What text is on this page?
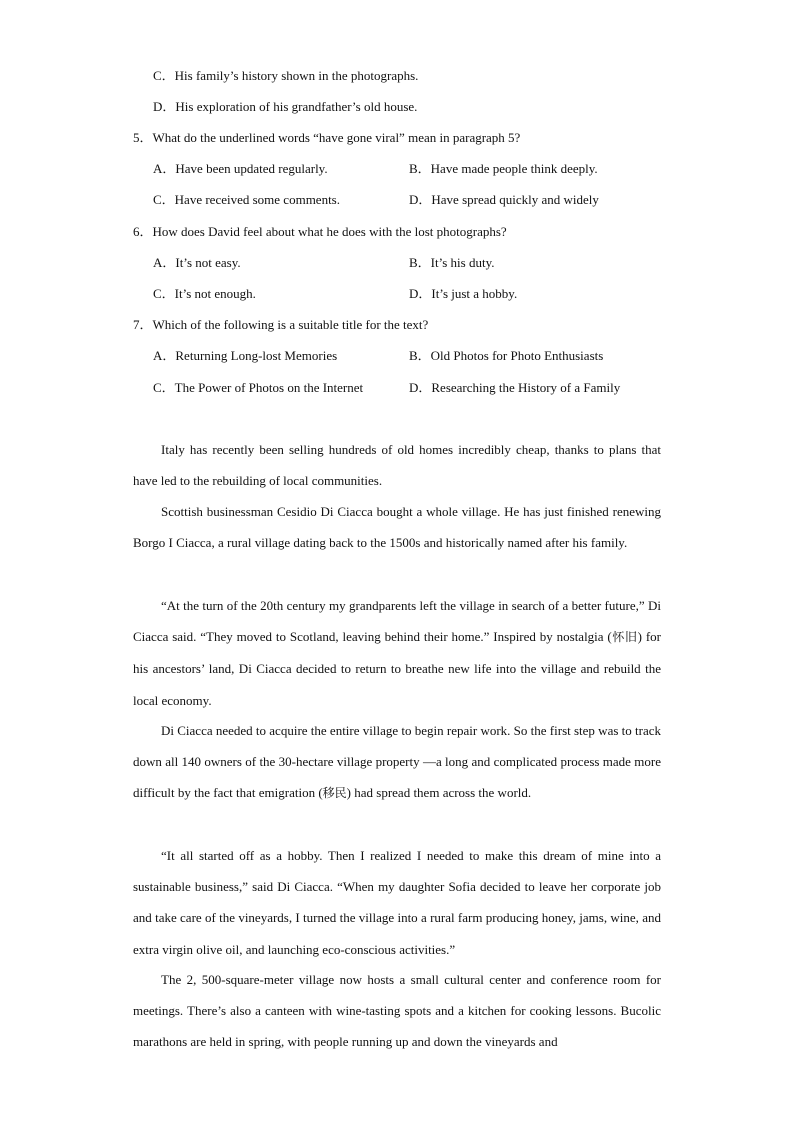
C．His family’s history shown in the photographs.
D．His exploration of his grandfather’s old house.
5．What do the underlined words “have gone viral” mean in paragraph 5?
A．Have been updated regularly.	B．Have made people think deeply.
C．Have received some comments.	D．Have spread quickly and widely
6．How does David feel about what he does with the lost photographs?
A．It’s not easy.	B．It’s his duty.
C．It’s not enough.	D．It’s just a hobby.
7．Which of the following is a suitable title for the text?
A．Returning Long-lost Memories	B．Old Photos for Photo Enthusiasts
C．The Power of Photos on the Internet	D．Researching the History of a Family

Italy has recently been selling hundreds of old homes incredibly cheap, thanks to plans that have led to the rebuilding of local communities.

Scottish businessman Cesidio Di Ciacca bought a whole village. He has just finished renewing Borgo I Ciacca, a rural village dating back to the 1500s and historically named after his family.

“At the turn of the 20th century my grandparents left the village in search of a better future,” Di Ciacca said. “They moved to Scotland, leaving behind their home.” Inspired by nostalgia (怀旧) for his ancestors’ land, Di Ciacca decided to return to breathe new life into the village and rebuild the local economy.

Di Ciacca needed to acquire the entire village to begin repair work. So the first step was to track down all 140 owners of the 30-hectare village property —a long and complicated process made more difficult by the fact that emigration (移民) had spread them across the world.

“It all started off as a hobby. Then I realized I needed to make this dream of mine into a sustainable business,” said Di Ciacca. “When my daughter Sofia decided to leave her corporate job and take care of the vineyards, I turned the village into a rural farm producing honey, jams, wine, and extra virgin olive oil, and launching eco-conscious activities.”

The 2, 500-square-meter village now hosts a small cultural center and conference room for meetings. There’s also a canteen with wine-tasting spots and a kitchen for cooking lessons. Bucolic marathons are held in spring, with people running up and down the vineyards and
